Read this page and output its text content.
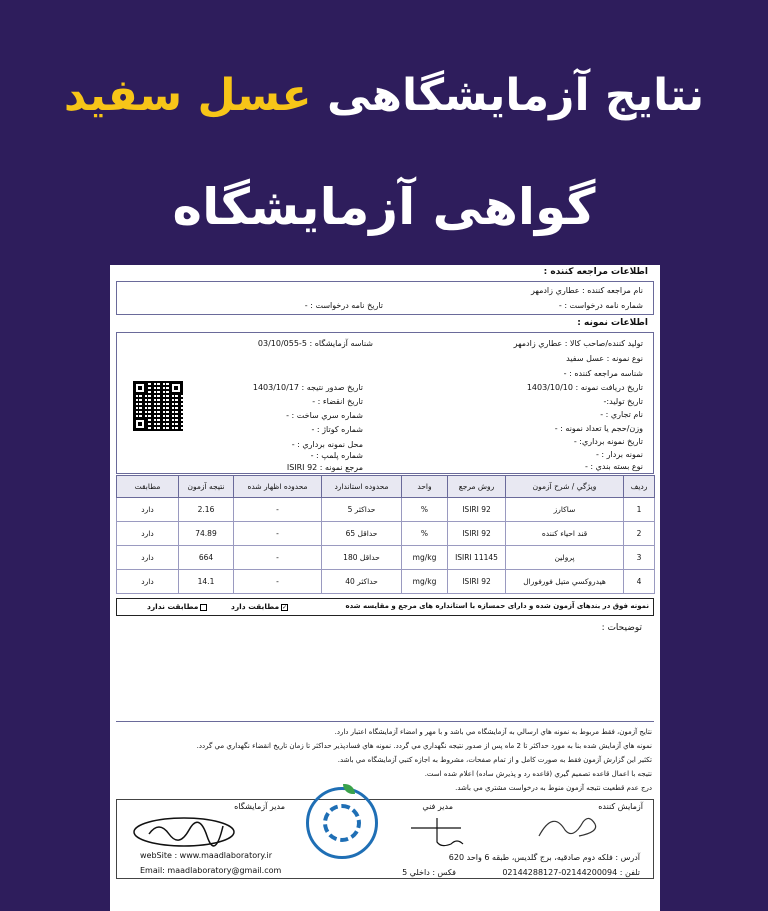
نتایج آزمایشگاهی عسل سفید
گواهی آزمایشگاه
اطلاعات مراجعه کننده :
نام مراجعه کننده : عطاري زادمهر
شماره نامه درخواست : -
تاريخ نامه درخواست : -
اطلاعات نمونه :
توليد كننده/صاحب كالا : عطاري زادمهر
نوع نمونه : عسل سفيد
شناسه مراجعه كننده : -
تاريخ دريافت نمونه : 1403/10/10
تاريخ توليد:-
نام تجاري : -
وزن/حجم يا تعداد نمونه : -
تاريخ نمونه برداري: -
نمونه بردار : -
نوع بسته بندي : -
شناسه آزمايشگاه : 5-03/10/055
تاريخ صدور نتيجه : 1403/10/17
تاريخ انقضاء : -
شماره سري ساخت : -
شماره كوتاژ : -
محل نمونه برداري : -
شماره پلمپ : -
مرجع نمونه : ISIRI 92
مطابقت	نتيجه آزمون	محدوده اظهار شده	محدوده استاندارد	واحد	روش مرجع	ويژگي / شرح آزمون	رديف
دارد	2.16	-	حداكثر 5	%	ISIRI 92	ساكارز	1
دارد	74.89	-	حداقل 65	%	ISIRI 92	قند احياء كننده	2
دارد	664	-	حداقل 180	mg/kg	ISIRI 11145	پرولين	3
دارد	14.1	-	حداكثر 40	mg/kg	ISIRI 92	هيدروكسي متيل فورفورال	4
نمونه فوق در بندهای آزمون شده و دارای حمسازه با استانداره های مرجع و مقایسه شده
✓مطابقت دارد
مطابقت ندارد
توضيحات :
نتايج آزمون، فقط مربوط به نمونه هاي ارسالي به آزمايشگاه مي باشد و با مهر و امضاء آزمايشگاه اعتبار دارد.
نمونه هاي آزمايش شده بنا به مورد حداكثر تا 2 ماه پس از صدور نتيجه نگهداري مي گردد. نمونه هاي فسادپذير حداكثر تا زمان تاريخ انقضاء نگهداري مي گردد.
تكثير اين گزارش آزمون فقط به صورت كامل و از تمام صفحات، مشروط به اجازه كتبي آزمايشگاه مي باشد.
نتيجه با اعمال قاعده تصميم گيري (قاعده رد و پذيرش ساده) اعلام شده است.
درج عدم قطعيت نتيجه آزمون منوط به درخواست مشتري مي باشد.
آزمايش كننده
مدير فني
مدير آزمايشگاه
آدرس : فلكه دوم صادقيه، برج گلديس، طبقه 6 واحد 620
تلفن : 02144200094-02144288127
فكس : داخلي 5
webSite : www.maadlaboratory.ir
Email: maadlaboratory@gmail.com
